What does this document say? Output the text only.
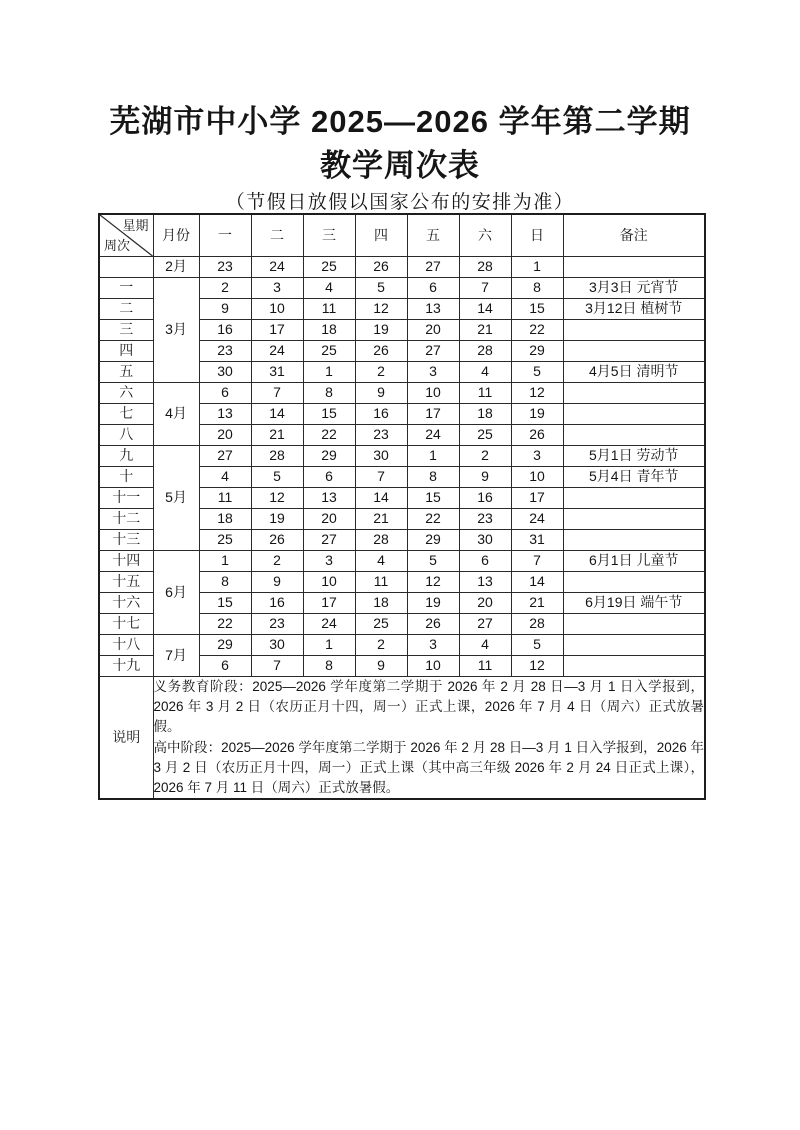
芜湖市中小学 2025—2026 学年第二学期
教学周次表
（节假日放假以国家公布的安排为准）
星期
周次	月份	一	二	三	四	五	六	日	备注
	2月	23	24	25	26	27	28	1	
一	3月	2	3	4	5	6	7	8	3月3日 元宵节
二		9	10	11	12	13	14	15	3月12日 植树节
三		16	17	18	19	20	21	22	
四		23	24	25	26	27	28	29	
五		30	31	1	2	3	4	5	4月5日 清明节
六	4月	6	7	8	9	10	11	12	
七		13	14	15	16	17	18	19	
八		20	21	22	23	24	25	26	
九	5月	27	28	29	30	1	2	3	5月1日 劳动节
十		4	5	6	7	8	9	10	5月4日 青年节
十一		11	12	13	14	15	16	17	
十二		18	19	20	21	22	23	24	
十三		25	26	27	28	29	30	31	
十四	6月	1	2	3	4	5	6	7	6月1日 儿童节
十五		8	9	10	11	12	13	14	
十六		15	16	17	18	19	20	21	6月19日 端午节
十七		22	23	24	25	26	27	28	
十八	7月	29	30	1	2	3	4	5	
十九		6	7	8	9	10	11	12	
说明	义务教育阶段：2025—2026 学年度第二学期于 2026 年 2 月 28 日—3 月 1 日入学报到，2026 年 3 月 2 日（农历正月十四，周一）正式上课，2026 年 7 月 4 日（周六）正式放暑假。

高中阶段：2025—2026 学年度第二学期于 2026 年 2 月 28 日—3 月 1 日入学报到，2026 年 3 月 2 日（农历正月十四，周一）正式上课（其中高三年级 2026 年 2 月 24 日正式上课），2026 年 7 月 11 日（周六）正式放暑假。								
